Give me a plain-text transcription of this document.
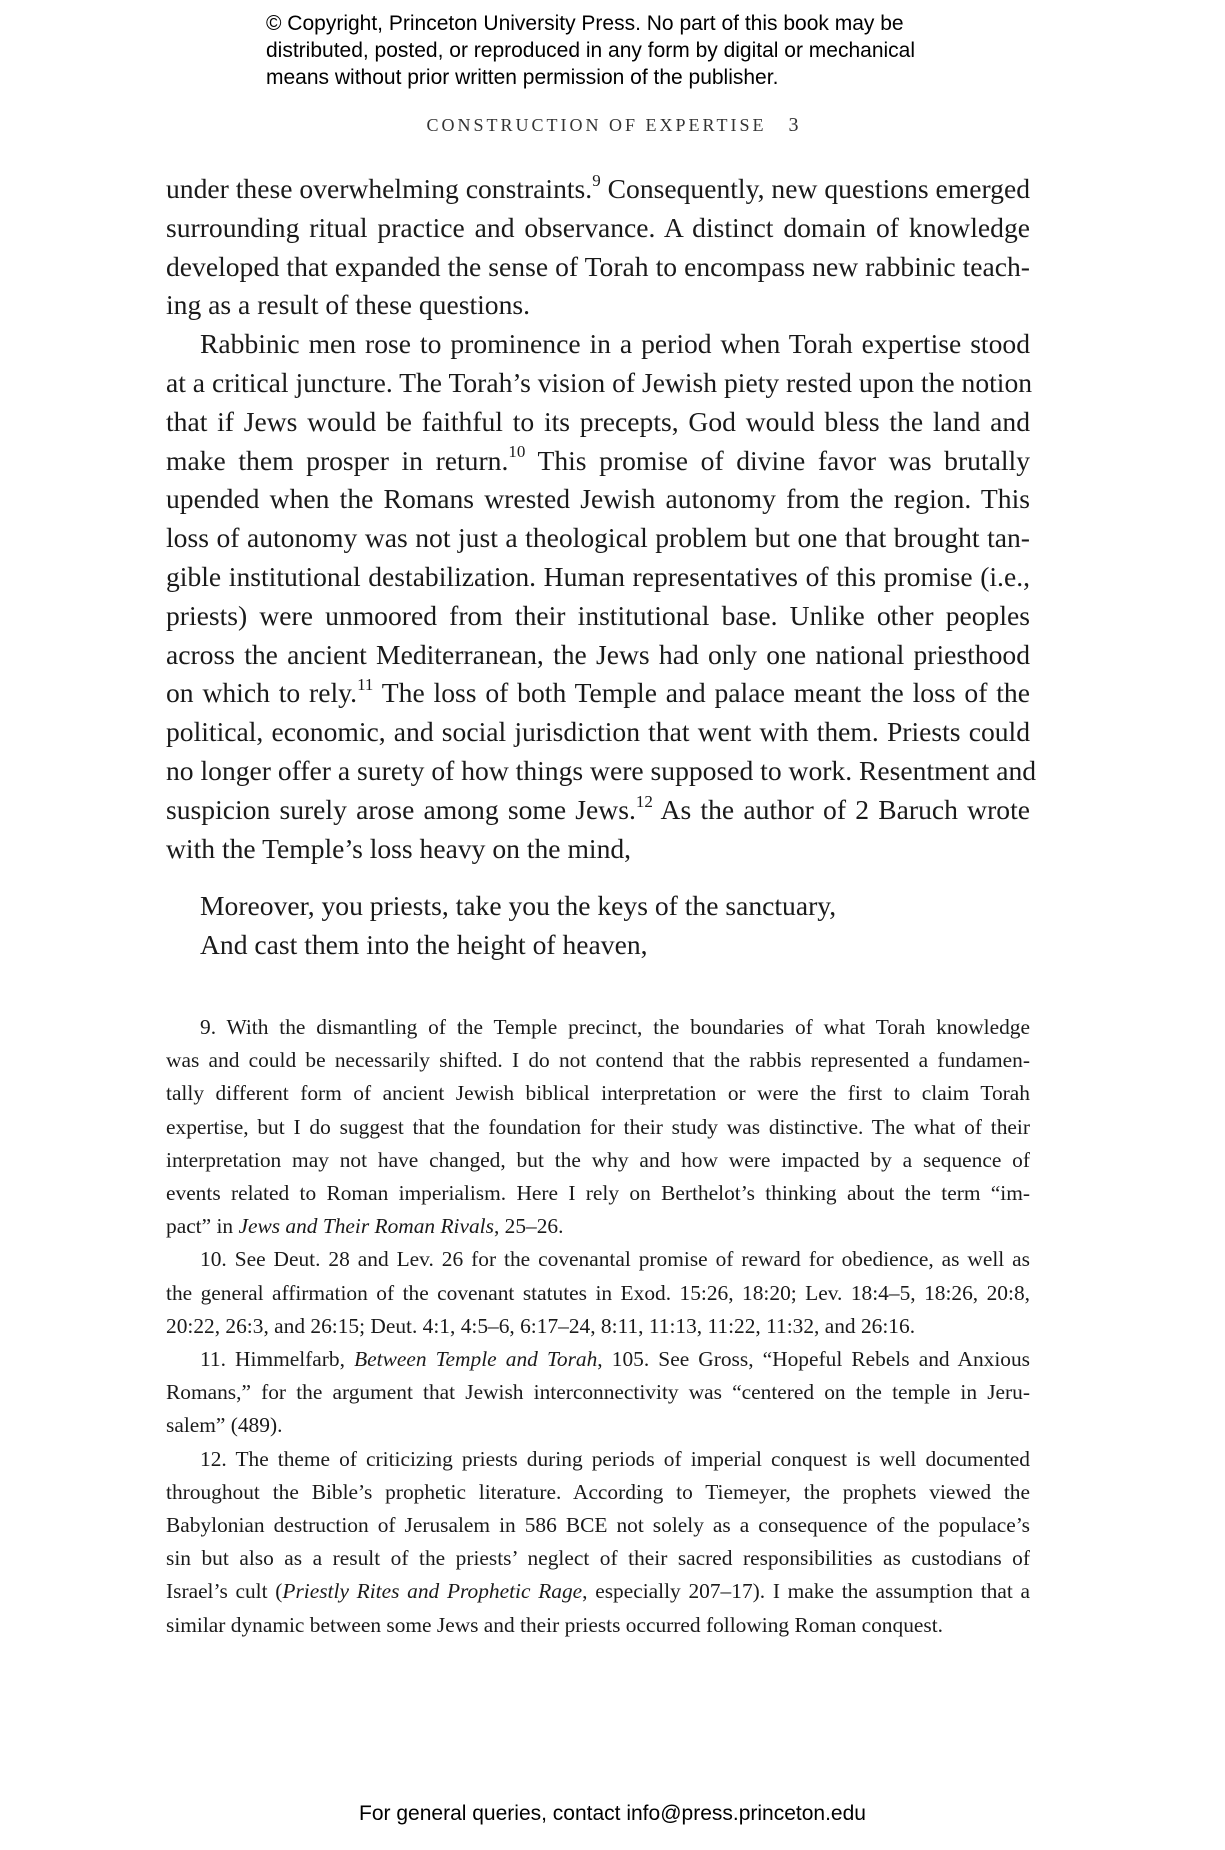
© Copyright, Princeton University Press. No part of this book may be
distributed, posted, or reproduced in any form by digital or mechanical
means without prior written permission of the publisher.
CONSTRUCTION OF EXPERTISE 3
under these overwhelming constraints.$^9$ Consequently, new questions emerged
surrounding ritual practice and observance. A distinct domain of knowledge
developed that expanded the sense of Torah to encompass new rabbinic teach-
ing as a result of these questions.
Rabbinic men rose to prominence in a period when Torah expertise stood
at a critical juncture. The Torah’s vision of Jewish piety rested upon the notion
that if Jews would be faithful to its precepts, God would bless the land and
make them prosper in return.$^{10}$ This promise of divine favor was brutally
upended when the Romans wrested Jewish autonomy from the region. This
loss of autonomy was not just a theological problem but one that brought tan-
gible institutional destabilization. Human representatives of this promise (i.e.,
priests) were unmoored from their institutional base. Unlike other peoples
across the ancient Mediterranean, the Jews had only one national priesthood
on which to rely.$^{11}$ The loss of both Temple and palace meant the loss of the
political, economic, and social jurisdiction that went with them. Priests could
no longer offer a surety of how things were supposed to work. Resentment and
suspicion surely arose among some Jews.$^{12}$ As the author of 2 Baruch wrote
with the Temple’s loss heavy on the mind,
Moreover, you priests, take you the keys of the sanctuary,
And cast them into the height of heaven,
9. With the dismantling of the Temple precinct, the boundaries of what Torah knowledge
was and could be necessarily shifted. I do not contend that the rabbis represented a fundamen-
tally different form of ancient Jewish biblical interpretation or were the first to claim Torah
expertise, but I do suggest that the foundation for their study was distinctive. The what of their
interpretation may not have changed, but the why and how were impacted by a sequence of
events related to Roman imperialism. Here I rely on Berthelot’s thinking about the term “im-
pact” in Jews and Their Roman Rivals, 25–26.
10. See Deut. 28 and Lev. 26 for the covenantal promise of reward for obedience, as well as
the general affirmation of the covenant statutes in Exod. 15:26, 18:20; Lev. 18:4–5, 18:26, 20:8,
20:22, 26:3, and 26:15; Deut. 4:1, 4:5–6, 6:17–24, 8:11, 11:13, 11:22, 11:32, and 26:16.
11. Himmelfarb, Between Temple and Torah, 105. See Gross, “Hopeful Rebels and Anxious
Romans,” for the argument that Jewish interconnectivity was “centered on the temple in Jeru-
salem” (489).
12. The theme of criticizing priests during periods of imperial conquest is well documented
throughout the Bible’s prophetic literature. According to Tiemeyer, the prophets viewed the
Babylonian destruction of Jerusalem in 586 BCE not solely as a consequence of the populace’s
sin but also as a result of the priests’ neglect of their sacred responsibilities as custodians of
Israel’s cult (Priestly Rites and Prophetic Rage, especially 207–17). I make the assumption that a
similar dynamic between some Jews and their priests occurred following Roman conquest.
For general queries, contact info@press.princeton.edu
